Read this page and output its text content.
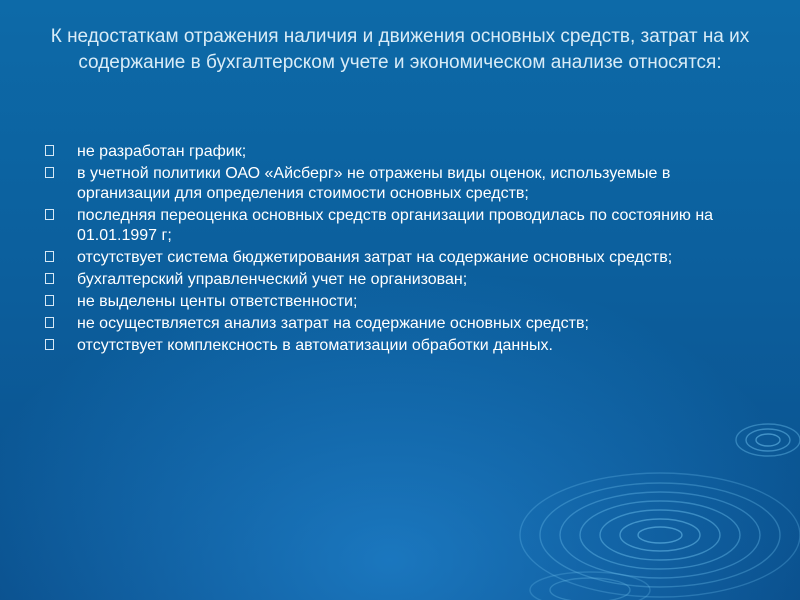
К недостаткам отражения наличия и движения основных средств, затрат на их содержание в бухгалтерском учете и экономическом анализе относятся:
не разработан график;
в учетной политики ОАО «Айсберг» не отражены виды оценок, используемые в организации для определения стоимости основных средств;
последняя переоценка основных средств организации проводилась по состоянию на 01.01.1997 г;
отсутствует система бюджетирования затрат на содержание основных средств;
бухгалтерский управленческий учет не организован;
не выделены центы ответственности;
не осуществляется анализ затрат на содержание основных средств;
отсутствует комплексность в автоматизации обработки данных.
